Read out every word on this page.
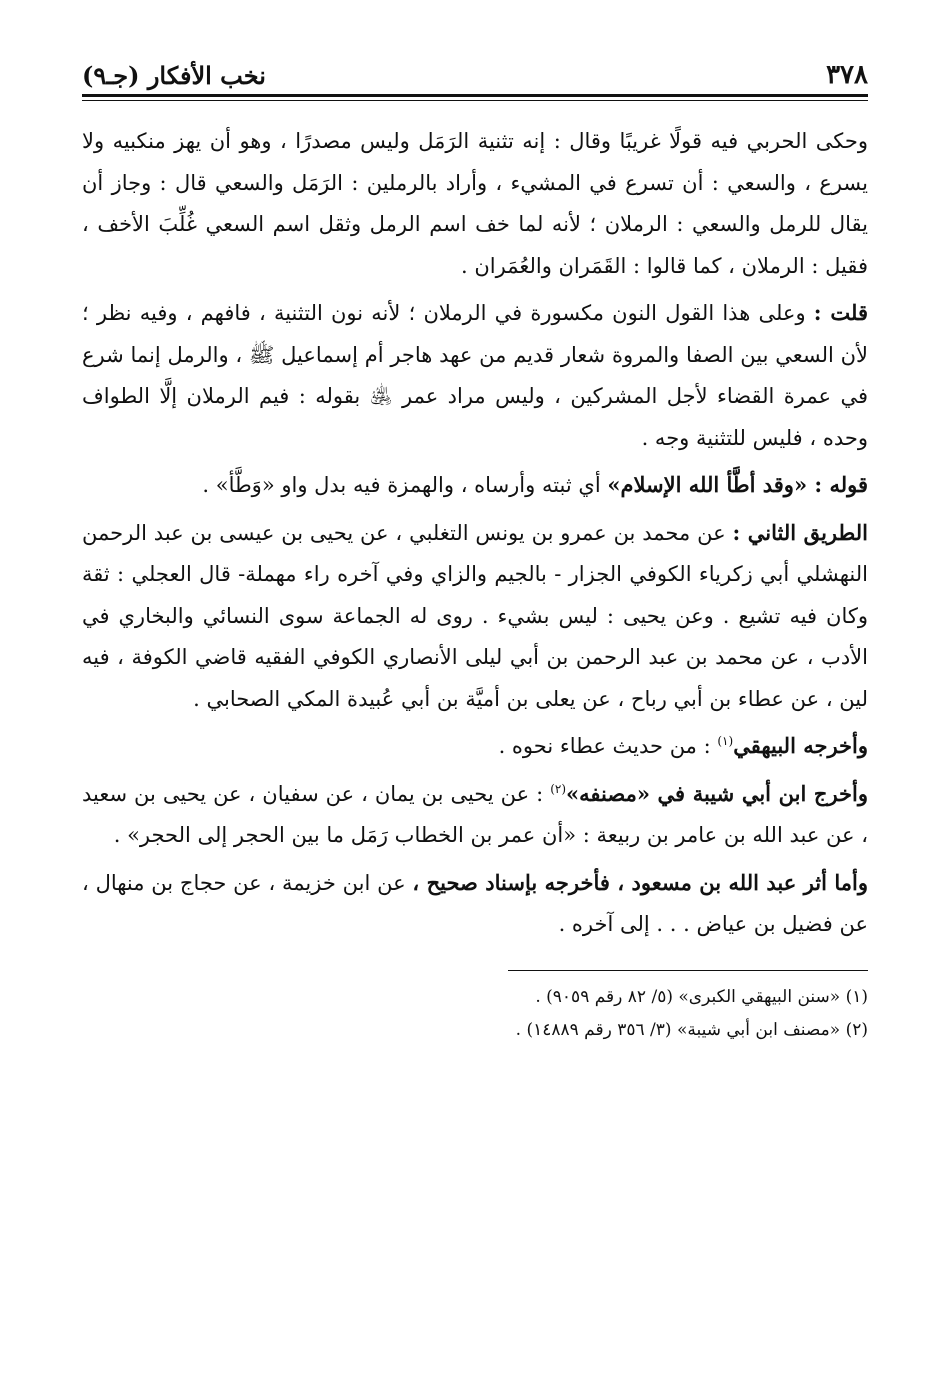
٣٧٨
نخب الأفكار (جـ٩)

وحكى الحربي فيه قولًا غريبًا وقال : إنه تثنية الرَمَل وليس مصدرًا ، وهو أن يهز منكبيه ولا يسرع ، والسعي : أن تسرع في المشيء ، وأراد بالرملين : الرَمَل والسعي قال : وجاز أن يقال للرمل والسعي : الرملان ؛ لأنه لما خف اسم الرمل وثقل اسم السعي غُلِّبَ الأخف ، فقيل : الرملان ، كما قالوا : القَمَران والعُمَران .

قلت : وعلى هذا القول النون مكسورة في الرملان ؛ لأنه نون التثنية ، فافهم ، وفيه نظر ؛ لأن السعي بين الصفا والمروة شعار قديم من عهد هاجر أم إسماعيل ﷺ ، والرمل إنما شرع في عمرة القضاء لأجل المشركين ، وليس مراد عمر ﵁ بقوله : فيم الرملان إلَّا الطواف وحده ، فليس للتثنية وجه .

قوله : «وقد أطَّأ الله الإسلام» أي ثبته وأرساه ، والهمزة فيه بدل واو «وَطَّأ» .

الطريق الثاني : عن محمد بن عمرو بن يونس التغلبي ، عن يحيى بن عيسى بن عبد الرحمن النهشلي أبي زكرياء الكوفي الجزار - بالجيم والزاي وفي آخره راء مهملة- قال العجلي : ثقة وكان فيه تشيع . وعن يحيى : ليس بشيء . روى له الجماعة سوى النسائي والبخاري في الأدب ، عن محمد بن عبد الرحمن بن أبي ليلى الأنصاري الكوفي الفقيه قاضي الكوفة ، فيه لين ، عن عطاء بن أبي رباح ، عن يعلى بن أميَّة بن أبي عُبيدة المكي الصحابي .

وأخرجه البيهقي$^{(١)}$ : من حديث عطاء نحوه .

وأخرج ابن أبي شيبة في «مصنفه»$^{(٢)}$ : عن يحيى بن يمان ، عن سفيان ، عن يحيى بن سعيد ، عن عبد الله بن عامر بن ربيعة : «أن عمر بن الخطاب رَمَل ما بين الحجر إلى الحجر» .

وأما أثر عبد الله بن مسعود ، فأخرجه بإسناد صحيح ، عن ابن خزيمة ، عن حجاج بن منهال ، عن فضيل بن عياض . . . إلى آخره .

(١) «سنن البيهقي الكبرى» (٥/ ٨٢ رقم ٩٠٥٩) .
(٢) «مصنف ابن أبي شيبة» (٣/ ٣٥٦ رقم ١٤٨٨٩) .
